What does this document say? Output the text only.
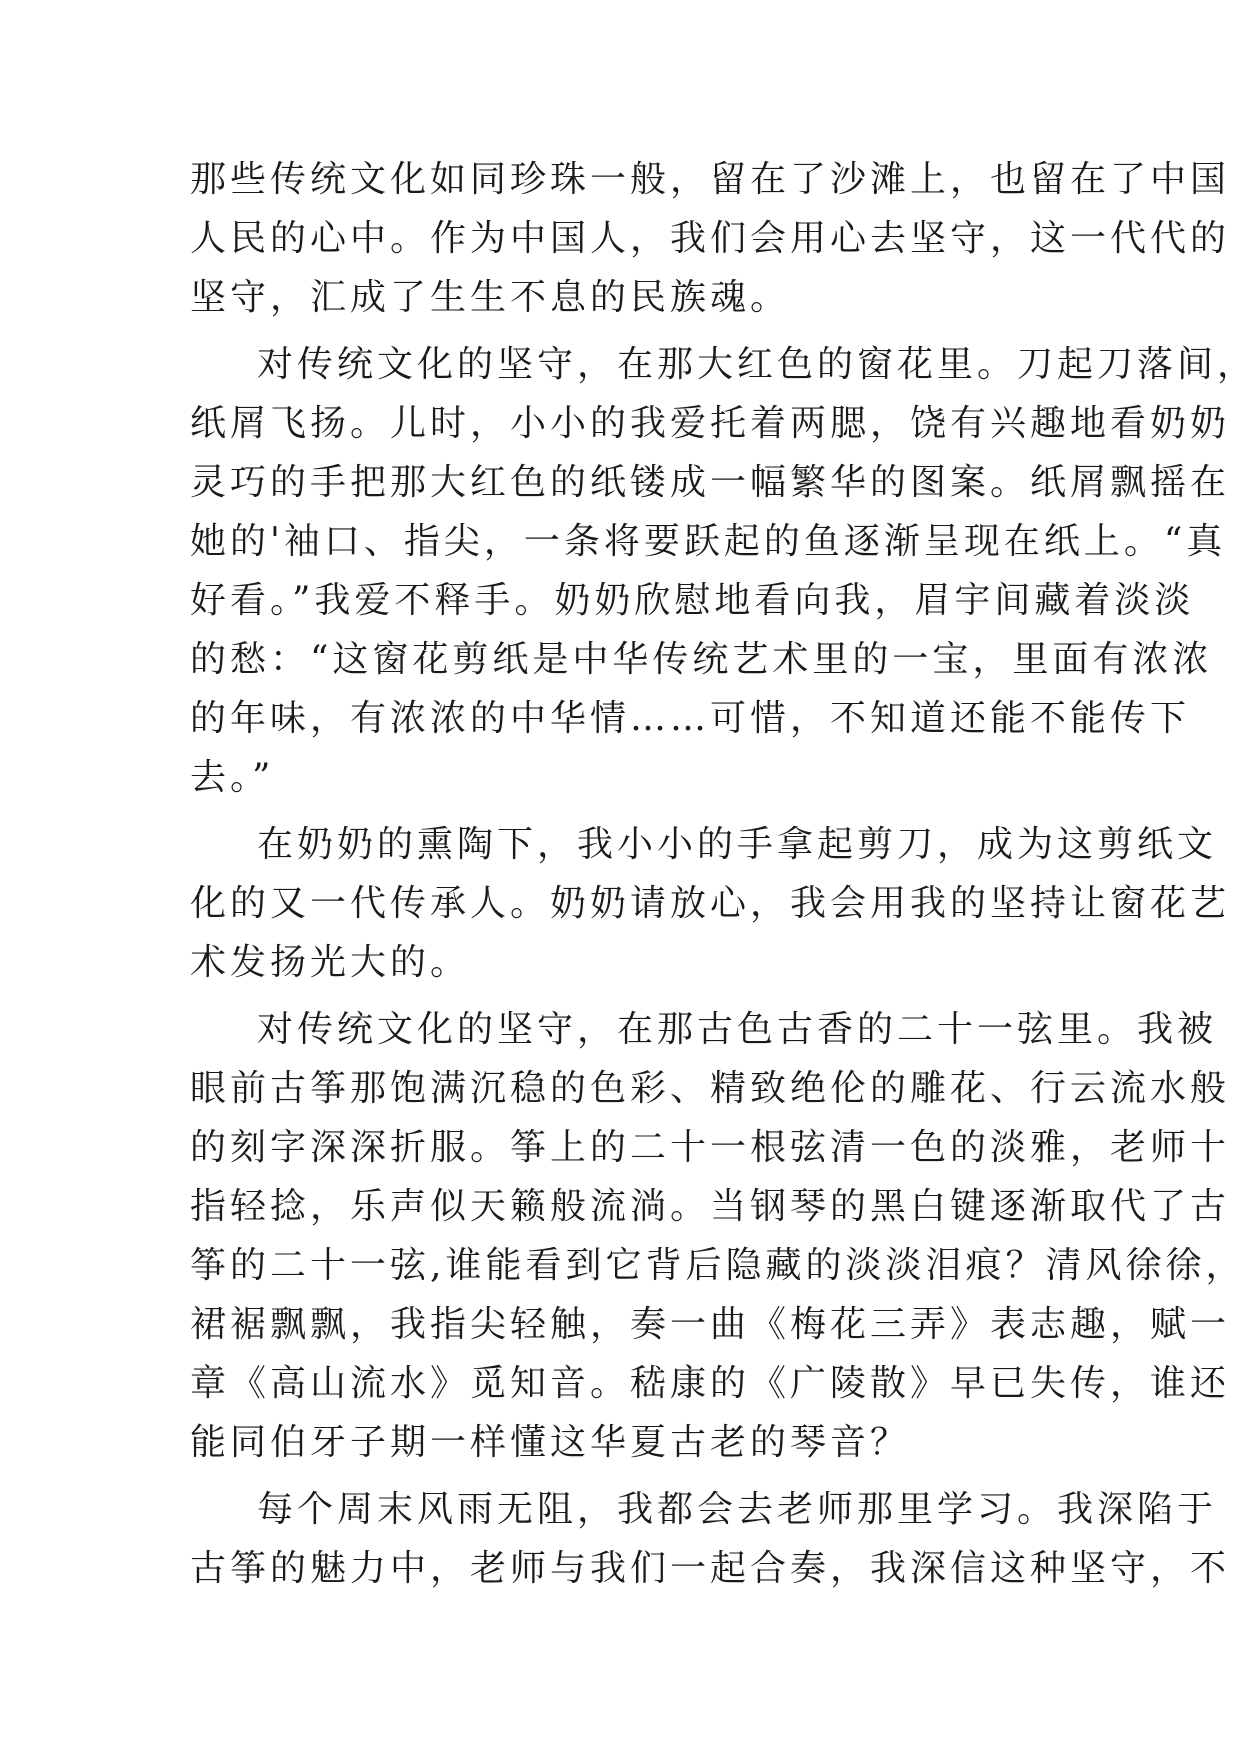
那些传统文化如同珍珠一般，留在了沙滩上，也留在了中国
人民的心中。作为中国人，我们会用心去坚守，这一代代的
坚守，汇成了生生不息的民族魂。
对传统文化的坚守，在那大红色的窗花里。刀起刀落间，
纸屑飞扬。儿时，小小的我爱托着两腮，饶有兴趣地看奶奶
灵巧的手把那大红色的纸镂成一幅繁华的图案。纸屑飘摇在
她的'袖口、指尖，一条将要跃起的鱼逐渐呈现在纸上。“真
好看。”我爱不释手。奶奶欣慰地看向我，眉宇间藏着淡淡
的愁：“这窗花剪纸是中华传统艺术里的一宝，里面有浓浓
的年味，有浓浓的中华情……可惜，不知道还能不能传下
去。”
在奶奶的熏陶下，我小小的手拿起剪刀，成为这剪纸文
化的又一代传承人。奶奶请放心，我会用我的坚持让窗花艺
术发扬光大的。
对传统文化的坚守，在那古色古香的二十一弦里。我被
眼前古筝那饱满沉稳的色彩、精致绝伦的雕花、行云流水般
的刻字深深折服。筝上的二十一根弦清一色的淡雅，老师十
指轻捻，乐声似天籁般流淌。当钢琴的黑白键逐渐取代了古
筝的二十一弦,谁能看到它背后隐藏的淡淡泪痕？清风徐徐，
裙裾飘飘，我指尖轻触，奏一曲《梅花三弄》表志趣，赋一
章《高山流水》觅知音。嵇康的《广陵散》早已失传，谁还
能同伯牙子期一样懂这华夏古老的琴音？
每个周末风雨无阻，我都会去老师那里学习。我深陷于
古筝的魅力中，老师与我们一起合奏，我深信这种坚守，不
